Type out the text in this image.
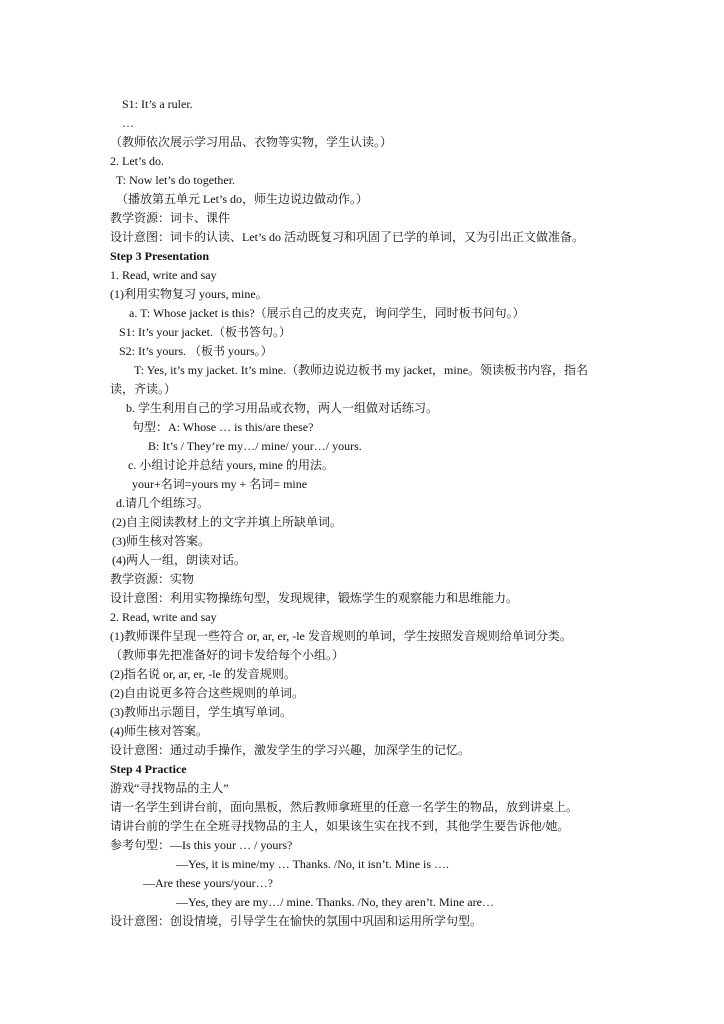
S1: It’s a ruler.
…
（教师依次展示学习用品、衣物等实物，学生认读。）
2. Let’s do.
T: Now let’s do together.
（播放第五单元 Let’s do，师生边说边做动作。）
教学资源：词卡、课件
设计意图：词卡的认读、Let’s do 活动既复习和巩固了已学的单词，又为引出正文做准备。
Step 3 Presentation
1. Read, write and say
(1)利用实物复习 yours, mine。
a. T: Whose jacket is this?（展示自己的皮夹克，询问学生，同时板书问句。）
S1: It’s your jacket.（板书答句。）
S2: It’s yours. （板书 yours。）
T: Yes, it’s my jacket. It’s mine.（教师边说边板书 my jacket，mine。领读板书内容，指名
读，齐读。）
b. 学生利用自己的学习用品或衣物，两人一组做对话练习。
句型：A: Whose … is this/are these?
B: It’s / They’re my…/ mine/ your…/ yours.
c. 小组讨论并总结 yours, mine 的用法。
your+名词=yours my + 名词= mine
d.请几个组练习。
(2)自主阅读教材上的文字并填上所缺单词。
(3)师生核对答案。
(4)两人一组，朗读对话。
教学资源：实物
设计意图：利用实物操练句型，发现规律，锻炼学生的观察能力和思维能力。
2. Read, write and say
(1)教师课件呈现一些符合 or, ar, er, -le 发音规则的单词，学生按照发音规则给单词分类。
（教师事先把准备好的词卡发给每个小组。）
(2)指名说 or, ar, er, -le 的发音规则。
(2)自由说更多符合这些规则的单词。
(3)教师出示题目，学生填写单词。
(4)师生核对答案。
设计意图：通过动手操作，激发学生的学习兴趣，加深学生的记忆。
Step 4 Practice
游戏“寻找物品的主人”
请一名学生到讲台前，面向黑板，然后教师拿班里的任意一名学生的物品，放到讲桌上。
请讲台前的学生在全班寻找物品的主人，如果该生实在找不到，其他学生要告诉他/她。
参考句型：—Is this your … / yours?
—Yes, it is mine/my … Thanks. /No, it isn’t. Mine is ….
—Are these yours/your…?
—Yes, they are my…/ mine. Thanks. /No, they aren’t. Mine are…
设计意图：创设情境，引导学生在愉快的氛围中巩固和运用所学句型。
